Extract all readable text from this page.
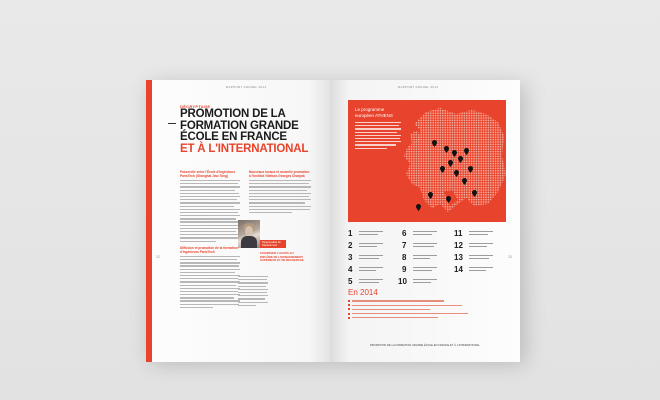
RAPPORT ANNUEL 2014
32
DÉCRYPTAGE
PROMOTION DE LA
FORMATION GRANDE
ÉCOLE EN FRANCE
ET À L'INTERNATIONAL
Passerelle entre l'École d'Ingénieurs ParisTech (Shanghai Jiao Tong)
Diffusion et promotion de la formation d'ingénieurs ParisTech
Nouveaux locaux et nouvelle promotion à l'Institut Villebon-Georges Charpak
Responsable du Département
FAVORISER L'ACCÈS AU DIPLÔME DE L'ENSEIGNEMENT SUPÉRIEUR ET DE RECHERCHE
RAPPORT ANNUEL 2014
33
Le programme
européen ATHENS
1
2
3
4
5
6
7
8
9
10
11
12
13
14
En 2014
PROMOTION DE LA FORMATION GRANDE ÉCOLE EN FRANCE ET À L'INTERNATIONAL
